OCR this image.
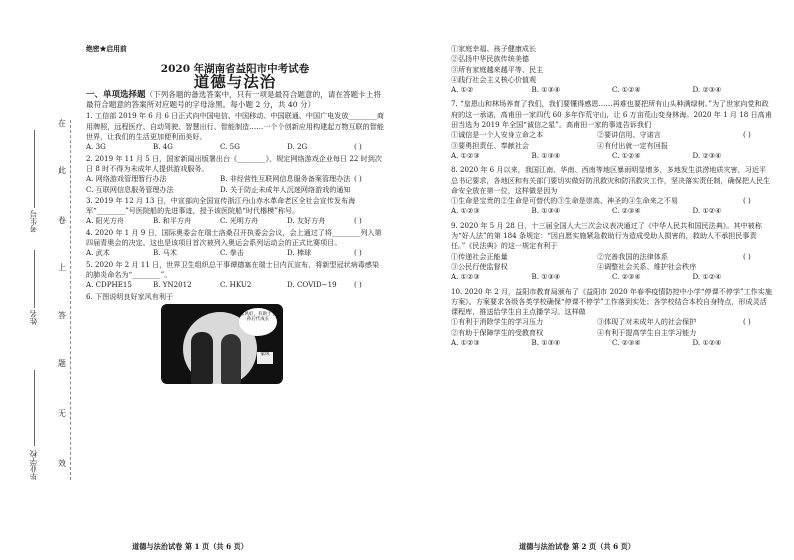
在
此
卷
上
答
题
无
效
考生号
姓名
毕业学校
绝密★启用前
2020 年湖南省益阳市中考试卷
道德与法治
一、单项选择题（下列各题的备选答案中，只有一项是最符合题意的，请在答题卡上将最符合题意的答案所对应题号的字母涂黑。每小题 2 分，共 40 分）
1. 工信部 2019 年 6 月 6 日正式向中国电信、中国移动、中国联通、中国广电发放________商用牌照，远程医疗、自动驾驶、智慧出行、智能制造……一个个创新应用构建起万物互联的智能世界，让我们的生活更加便利而美好。
( )
A. 3G	B. 4G	C. 5G	D. 2G
2. 2019 年 11 月 5 日，国家新闻出版署出台《________》，规定网络游戏企业每日 22 时到次日 8 时不得为未成年人提供游戏服务。
( )
A. 网络游戏管理暂行办法	B. 非经营性互联网信息服务备案管理办法
C. 互联网信息服务管理办法	D. 关于防止未成年人沉迷网络游戏的通知
3. 2019 年 12 月 13 日，中宣部向全国宣传浙江丹山赤水革命老区全社会宣传发布海军“________”号医院船的先进事迹，授予该医院船“时代楷模”称号。
( )
A. 阳光方舟	B. 和平方舟	C. 光明方舟	D. 友好方舟
4. 2020 年 1 月 9 日，国际奥委会在瑞士洛桑召开执委会会议，会上通过了将________列入第四届青奥会的决定。这也是该项目首次被列入奥运会系列运动会的正式比赛项目。
( )
A. 武术	B. 马术	C. 拳击	D. 棒球
5. 2020 年 2 月 11 日，世界卫生组织总干事谭德塞在瑞士日内瓦宣布，将新型冠状病毒感染的肺炎命名为“________”。
( )
A. CDPHE15	B. YN2012	C. HKU2	D. COVID−19
6. 下图说明良好家风有利于
家风好，有助于子孙后代成长
家风
道德与法治试卷 第 1 页（共 6 页）
①家庭幸福、孩子健康成长
②弘扬中华民族传统美德
③所有家庭越来越平等、民主
④践行社会主义核心价值观
A. ①②	B. ①③④	C. ①②④	D. ②③④
7. “皇恩山和林场养育了我们，我们要懂得感恩……再难也要把所有山头种满绿树。”为了世家向党和政府的这一承诺，高甫田一家四代 60 多年作荒守山，让 6 万亩荒山变身林海。2020 年 1 月 18 日高甫田当选为 2019 年全国“诚信之星”。高甫田一家的事迹告诉我们
( )
①诚信是一个人安身立命之本	②要讲信用、守诺言
③要勇担责任、奉献社会	④有付出就一定有回报
A. ①②③	B. ①③④	C. ①②④	D. ②③④
8. 2020 年 6 月以来，我国江南、华南、西南等地区暴雨明显增多，多地发生洪涝地质灾害，习近平总书记要求，各地区和有关部门要切实做好防汛救灾和防汛救灾工作，坚决落实责任制，确保把人民生命安全放在第一位，这样做是因为
( )
①生命是宝贵的②生命是可替代的③生命是崇高、神圣的④生命来之不易
A. ①②③	B. ①③④	C. ②③④	D. ①②④
9. 2020 年 5 月 28 日，十三届全国人大三次会议表决通过了《中华人民共和国民法典》。其中被称为“好人法”的第 184 条规定：“因自愿实施紧急救助行为造成受助人损害的，救助人不承担民事责任。”《民法典》的这一规定有利于
( )
①传递社会正能量	②完善我国的法律体系
③公民行使监督权	④调整社会关系、维护社会秩序
A. ①②③	B. ①③④	C. ②③④	D. ①②④
10. 2020 年 2 月，益阳市教育局颁布了《益阳市 2020 年春季疫情防控中小学“停课不停学”工作实施方案》。方案要求各级各类学校确保“停课不停学”工作落到实处；各学校结合本校自身特点，形成灵活课程库，推送给学生自主点播学习。这样做
( )
①有利于消除学生的学习压力	③体现了对未成年人的社会保护
②有助于保障学生的受教育权	④有利于提高学生自主学习能力
A. ①②③	B. ①③④	C. ②③④	D. ①②④
道德与法治试卷 第 2 页（共 6 页）
